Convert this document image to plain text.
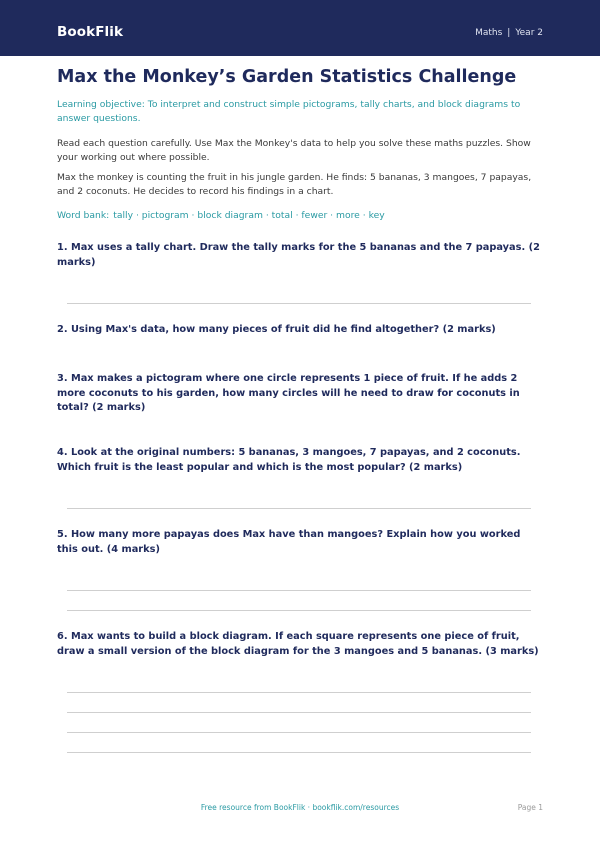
BookFlik	Maths | Year 2
Max the Monkey’s Garden Statistics Challenge
Learning objective: To interpret and construct simple pictograms, tally charts, and block diagrams to answer questions.
Read each question carefully. Use Max the Monkey's data to help you solve these maths puzzles. Show your working out where possible.
Max the monkey is counting the fruit in his jungle garden. He finds: 5 bananas, 3 mangoes, 7 papayas, and 2 coconuts. He decides to record his findings in a chart.
Word bank: tally · pictogram · block diagram · total · fewer · more · key
1. Max uses a tally chart. Draw the tally marks for the 5 bananas and the 7 papayas. (2 marks)
2. Using Max's data, how many pieces of fruit did he find altogether? (2 marks)
3. Max makes a pictogram where one circle represents 1 piece of fruit. If he adds 2 more coconuts to his garden, how many circles will he need to draw for coconuts in total? (2 marks)
4. Look at the original numbers: 5 bananas, 3 mangoes, 7 papayas, and 2 coconuts. Which fruit is the least popular and which is the most popular? (2 marks)
5. How many more papayas does Max have than mangoes? Explain how you worked this out. (4 marks)
6. Max wants to build a block diagram. If each square represents one piece of fruit, draw a small version of the block diagram for the 3 mangoes and 5 bananas. (3 marks)
Free resource from BookFlik · bookflik.com/resources	Page 1
